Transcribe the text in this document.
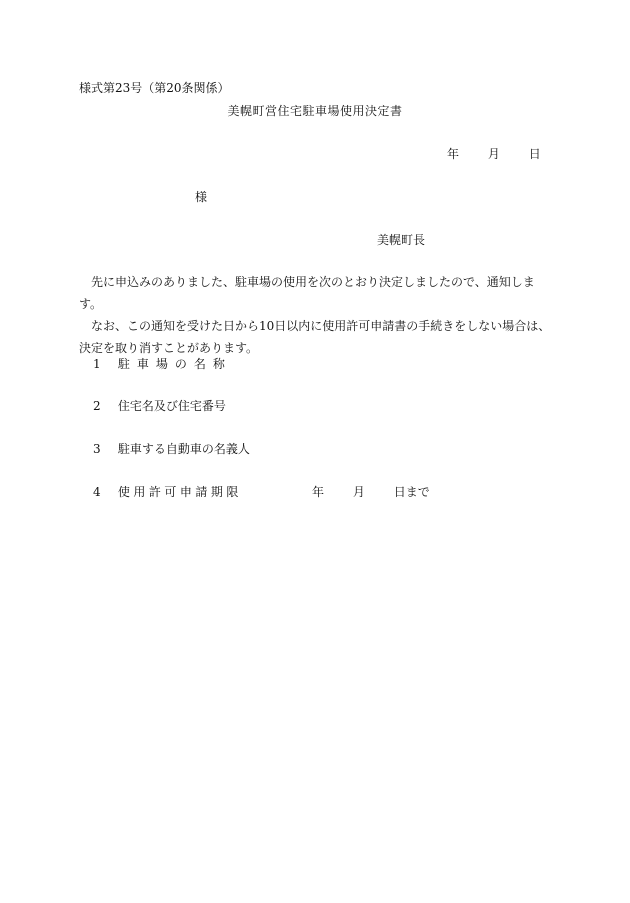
様式第23号（第20条関係）
美幌町営住宅駐車場使用決定書
年 月 日
様
美幌町長

先に申込みのありました、駐車場の使用を次のとおり決定しましたので、通知します。

なお、この通知を受けた日から10日以内に使用許可申請書の手続きをしない場合は、決定を取り消すことがあります。

1 駐車場の名称
2 住宅名及び住宅番号
3 駐車する自動車の名義人
4 使用許可申請期限	年 月 日まで
